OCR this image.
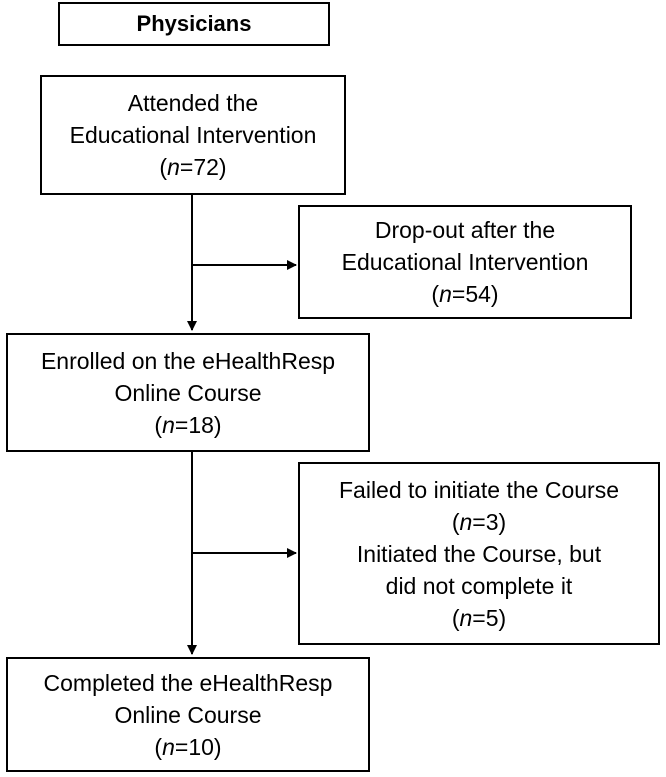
Physicians
Attended the
Educational Intervention
(n=72)
Drop-out after the
Educational Intervention
(n=54)
Enrolled on the eHealthResp
Online Course
(n=18)
Failed to initiate the Course
(n=3)
Initiated the Course, but
did not complete it
(n=5)
Completed the eHealthResp
Online Course
(n=10)
